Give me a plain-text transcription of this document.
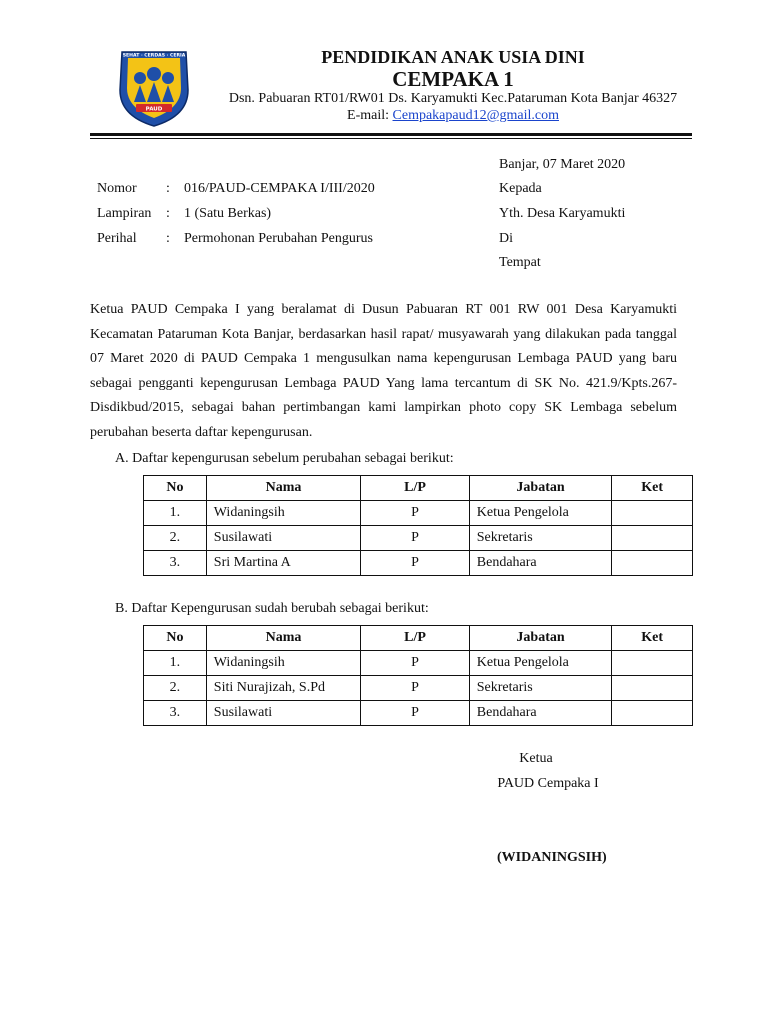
PAUD
SEHAT · CERDAS · CERIA	PENDIDIKAN ANAK USIA DINI
CEMPAKA 1
Dsn. Pabuaran RT01/RW01 Ds. Karyamukti Kec.Pataruman Kota Banjar 46327
E-mail: Cempakapaud12@gmail.com
Banjar, 07 Maret 2020
Kepada
Yth. Desa Karyamukti
Di
Tempat
Nomor : 016/PAUD-CEMPAKA I/III/2020
Lampiran : 1 (Satu Berkas)
Perihal : Permohonan Perubahan Pengurus
Ketua PAUD Cempaka I yang beralamat di Dusun Pabuaran RT 001 RW 001 Desa Karyamukti Kecamatan Pataruman Kota Banjar, berdasarkan hasil rapat/ musyawarah yang dilakukan pada tanggal 07 Maret 2020 di PAUD Cempaka 1 mengusulkan nama kepengurusan Lembaga PAUD yang baru sebagai pengganti kepengurusan Lembaga PAUD Yang lama tercantum di SK No. 421.9/Kpts.267-Disdikbud/2015, sebagai bahan pertimbangan kami lampirkan photo copy SK Lembaga sebelum perubahan beserta daftar kepengurusan.
A. Daftar kepengurusan sebelum perubahan sebagai berikut:
No	Nama	L/P	Jabatan	Ket
1.	Widaningsih	P	Ketua Pengelola	
2.	Susilawati	P	Sekretaris	
3.	Sri Martina A	P	Bendahara	
B. Daftar Kepengurusan sudah berubah sebagai berikut:
No	Nama	L/P	Jabatan	Ket
1.	Widaningsih	P	Ketua Pengelola	
2.	Siti Nurajizah, S.Pd	P	Sekretaris	
3.	Susilawati	P	Bendahara	
Ketua
PAUD Cempaka I
(WIDANINGSIH)
